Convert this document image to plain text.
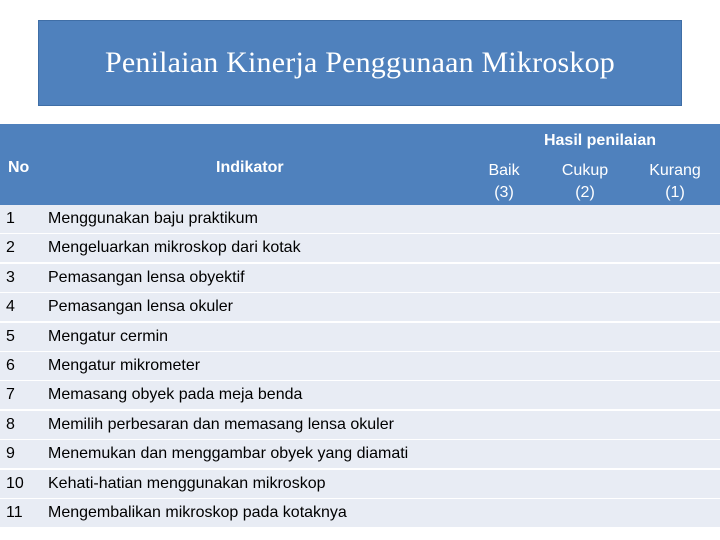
Penilaian Kinerja Penggunaan Mikroskop
No	Indikator
Hasil penilaian
Baik
(3)
Cukup
(2)
Kurang
(1)
1 Menggunakan baju praktikum
2 Mengeluarkan mikroskop dari kotak
3 Pemasangan lensa obyektif
4 Pemasangan lensa okuler
5 Mengatur cermin
6 Mengatur mikrometer
7 Memasang obyek pada meja benda
8 Memilih perbesaran dan memasang lensa okuler
9 Menemukan dan menggambar obyek yang diamati
10 Kehati-hatian menggunakan mikroskop
11 Mengembalikan mikroskop pada kotaknya
